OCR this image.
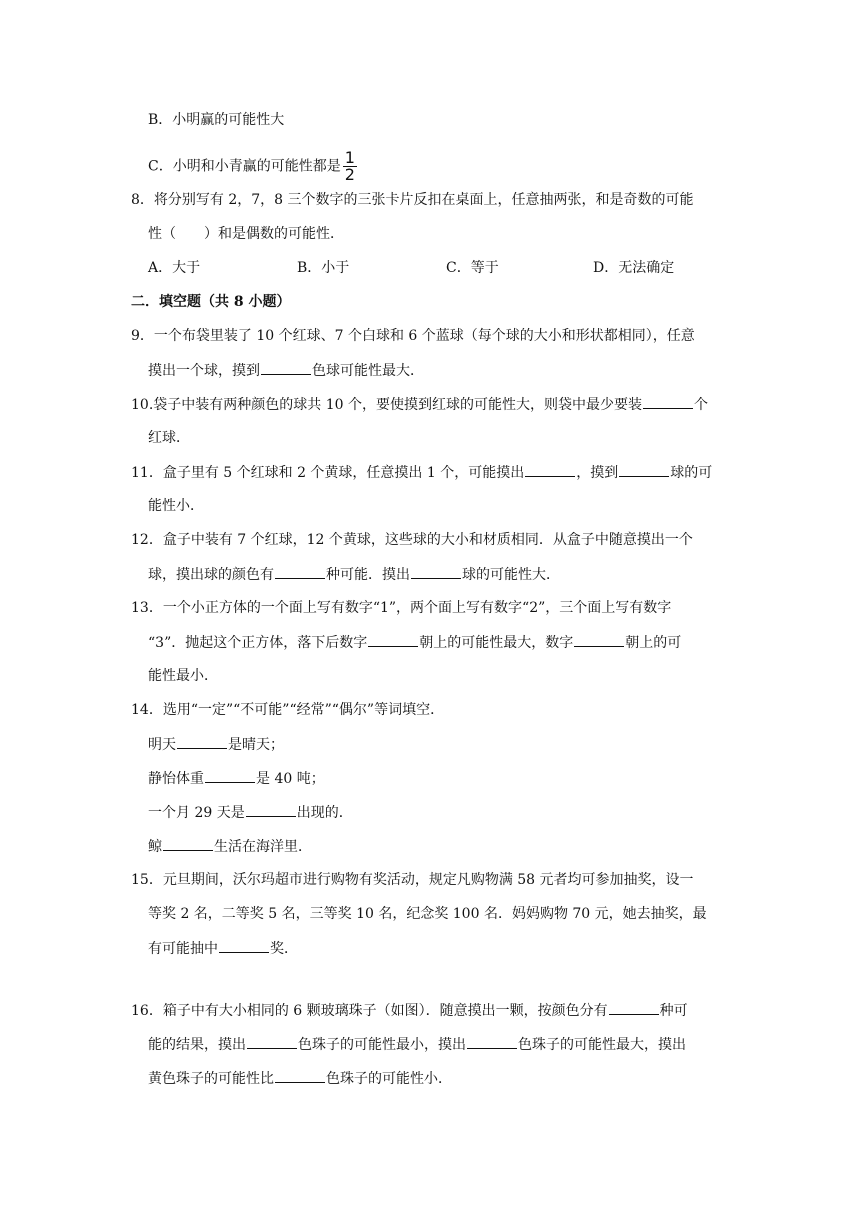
B．小明赢的可能性大
C．小明和小青赢的可能性都是 $\frac{1}{2}$
8．将分别写有 2，7，8 三个数字的三张卡片反扣在桌面上，任意抽两张，和是奇数的可能
性（　　）和是偶数的可能性．
A．大于	B．小于	C．等于	D．无法确定
二．填空题（共 8 小题）
9．一个布袋里装了 10 个红球、7 个白球和 6 个蓝球（每个球的大小和形状都相同），任意
摸出一个球，摸到	色球可能性最大．
10.袋子中装有两种颜色的球共 10 个，要使摸到红球的可能性大，则袋中最少要装	个
红球．
11．盒子里有 5 个红球和 2 个黄球，任意摸出 1 个，可能摸出	，摸到	球的可
能性小．
12．盒子中装有 7 个红球，12 个黄球，这些球的大小和材质相同．从盒子中随意摸出一个
球，摸出球的颜色有	种可能．摸出	球的可能性大．
13．一个小正方体的一个面上写有数字“1”，两个面上写有数字“2”，三个面上写有数字
“3”．抛起这个正方体，落下后数字	朝上的可能性最大，数字	朝上的可
能性最小．
14．选用“一定”“不可能”“经常”“偶尔”等词填空．
明天	是晴天；
静怡体重	是 40 吨；
一个月 29 天是	出现的．
鲸	生活在海洋里．
15．元旦期间，沃尔玛超市进行购物有奖活动，规定凡购物满 58 元者均可参加抽奖，设一
等奖 2 名，二等奖 5 名，三等奖 10 名，纪念奖 100 名．妈妈购物 70 元，她去抽奖，最
有可能抽中	奖．
16．箱子中有大小相同的 6 颗玻璃珠子（如图）．随意摸出一颗，按颜色分有	种可
能的结果，摸出	色珠子的可能性最小，摸出	色珠子的可能性最大，摸出
黄色珠子的可能性比	色珠子的可能性小．
